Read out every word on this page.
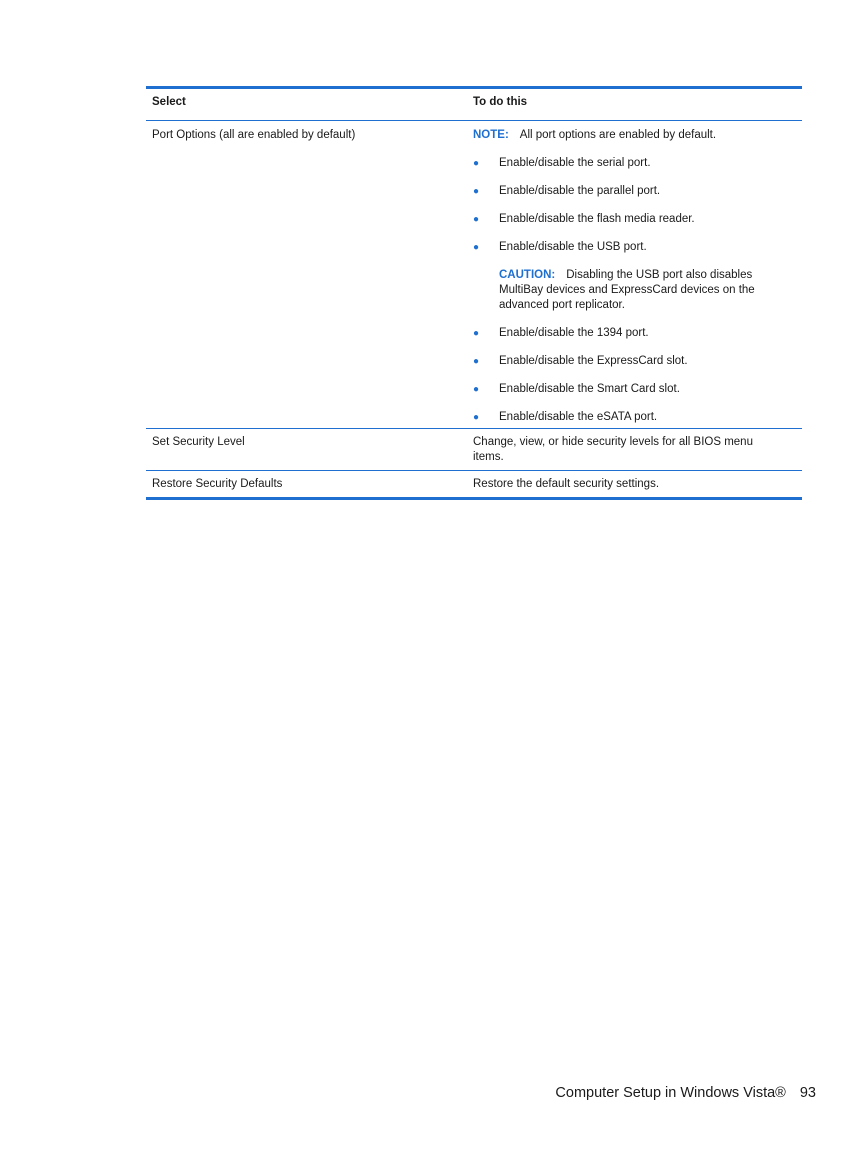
Select	To do this
Port Options (all are enabled by default)	NOTE: All port options are enabled by default.
●	Enable/disable the serial port.
●	Enable/disable the parallel port.
●	Enable/disable the flash media reader.
●	Enable/disable the USB port.
CAUTION: Disabling the USB port also disables MultiBay devices and ExpressCard devices on the advanced port replicator.
●	Enable/disable the 1394 port.
●	Enable/disable the ExpressCard slot.
●	Enable/disable the Smart Card slot.
●	Enable/disable the eSATA port.
Set Security Level	Change, view, or hide security levels for all BIOS menu items.
Restore Security Defaults	Restore the default security settings.
Computer Setup in Windows Vista® 93
